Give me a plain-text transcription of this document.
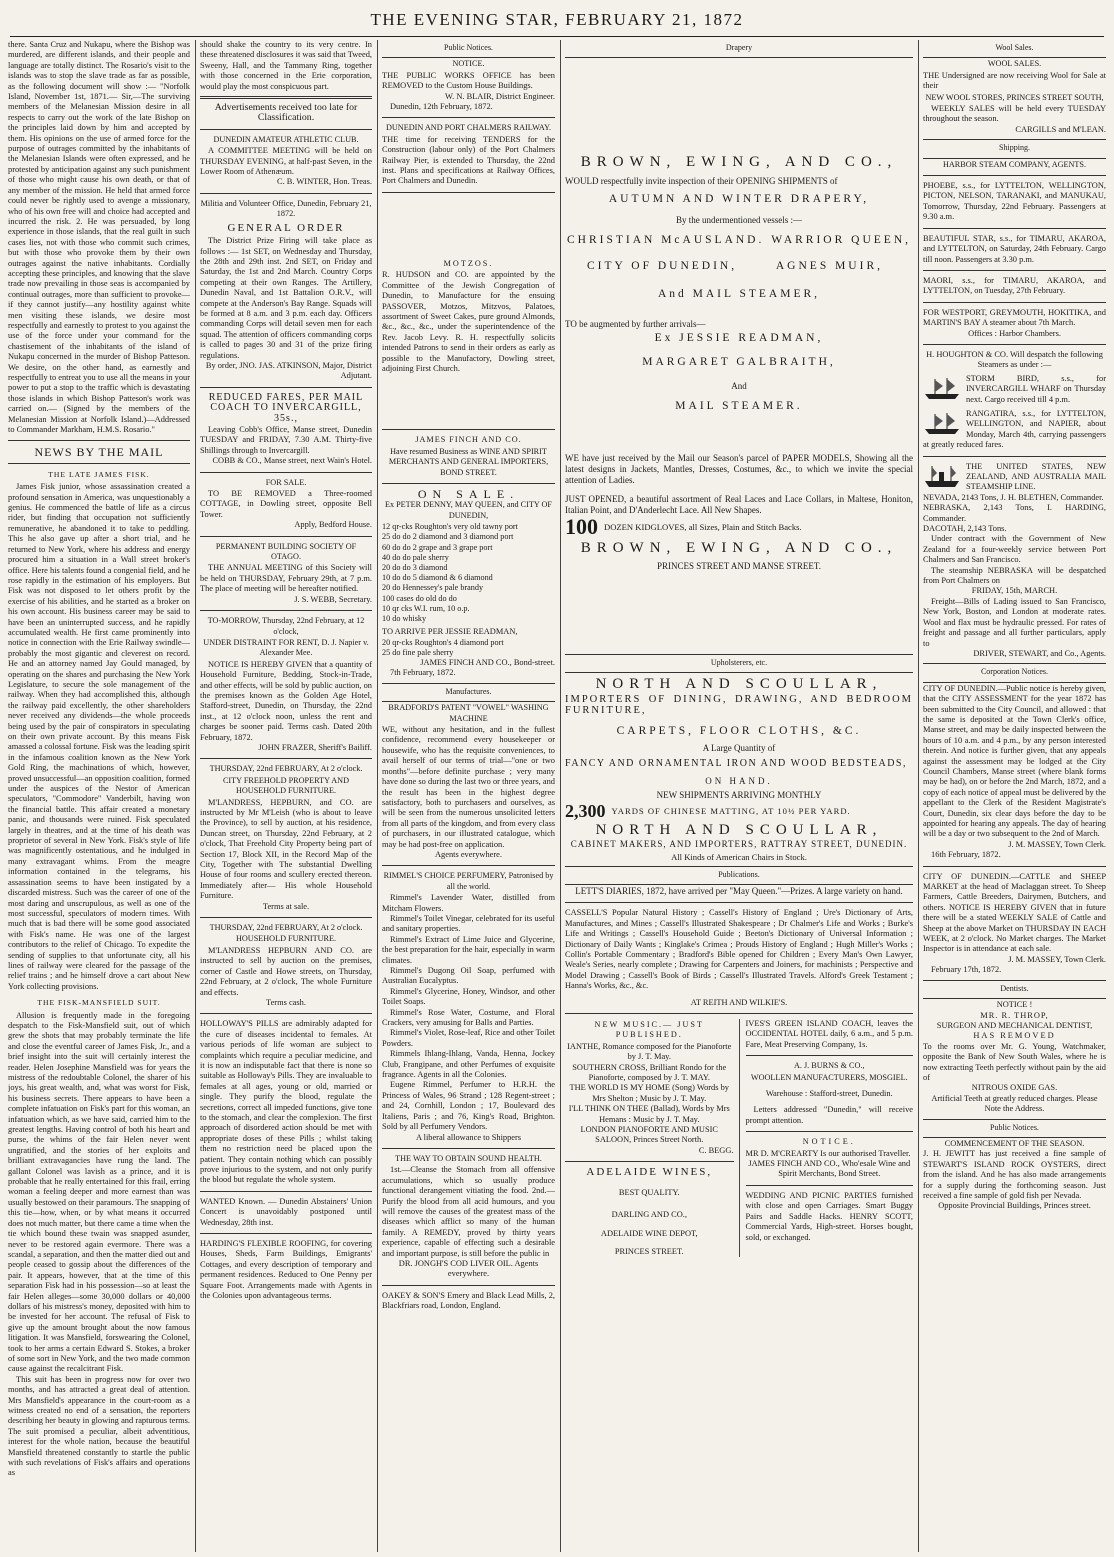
THE EVENING STAR, FEBRUARY 21, 1872

there. Santa Cruz and Nukapu, where the Bishop was murdered, are different islands, and their people and language are totally distinct. The Rosario's visit to the islands was to stop the slave trade as far as possible, as the following document will show :— "Norfolk Island, November 1st, 1871.— Sir,—The surviving members of the Melanesian Mission desire in all respects to carry out the work of the late Bishop on the principles laid down by him and accepted by them. His opinions on the use of armed force for the purpose of outrages committed by the inhabitants of the Melanesian Islands were often expressed, and he protested by anticipation against any such punishment of those who might cause his own death, or that of any member of the mission. He held that armed force could never be rightly used to avenge a missionary, who of his own free will and choice had accepted and incurred the risk. 2. He was persuaded, by long experience in those islands, that the real guilt in such cases lies, not with those who commit such crimes, but with those who provoke them by their own outrages against the native inhabitants. Cordially accepting these principles, and knowing that the slave trade now prevailing in those seas is accompanied by continual outrages, more than sufficient to provoke—if they cannot justify—any hostility against white men visiting these islands, we desire most respectfully and earnestly to protest to you against the use of the force under your command for the chastisement of the inhabitants of the island of Nukapu concerned in the murder of Bishop Patteson. We desire, on the other hand, as earnestly and respectfully to entreat you to use all the means in your power to put a stop to the traffic which is devastating those islands in which Bishop Patteson's work was carried on.— (Signed by the members of the Melanesian Mission at Norfolk Island.)—Addressed to Commander Markham, H.M.S. Rosario."

NEWS BY THE MAIL
THE LATE JAMES FISK.

James Fisk junior, whose assassination created a profound sensation in America, was unquestionably a genius. He commenced the battle of life as a circus rider, but finding that occupation not sufficiently remunerative, he abandoned it to take to peddling. This he also gave up after a short trial, and he returned to New York, where his address and energy procured him a situation in a Wall street broker's office. Here his talents found a congenial field, and he rose rapidly in the estimation of his employers. But Fisk was not disposed to let others profit by the exercise of his abilities, and he started as a broker on his own account. His business career may be said to have been an uninterrupted success, and he rapidly accumulated wealth. He first came prominently into notice in connection with the Erie Railway swindle—probably the most gigantic and cleverest on record. He and an attorney named Jay Gould managed, by operating on the shares and purchasing the New York Legislature, to secure the sole management of the railway. When they had accomplished this, although the railway paid excellently, the other shareholders never received any dividends—the whole proceeds being used by the pair of conspirators in speculating on their own private account. By this means Fisk amassed a colossal fortune. Fisk was the leading spirit in the infamous coalition known as the New York Gold Ring, the machinations of which, however, proved unsuccessful—an opposition coalition, formed under the auspices of the Nestor of American speculators, "Commodore" Vanderbilt, having won the financial battle. This affair created a monetary panic, and thousands were ruined. Fisk speculated largely in theatres, and at the time of his death was proprietor of several in New York. Fisk's style of life was magnificently ostentatious, and he indulged in many extravagant whims. From the meagre information contained in the telegrams, his assassination seems to have been instigated by a discarded mistress. Such was the career of one of the most daring and unscrupulous, as well as one of the most successful, speculators of modern times. With much that is bad there will be some good associated with Fisk's name. He was one of the largest contributors to the relief of Chicago. To expedite the sending of supplies to that unfortunate city, all his lines of railway were cleared for the passage of the relief trains ; and he himself drove a cart about New York collecting provisions.

THE FISK-MANSFIELD SUIT.

Allusion is frequently made in the foregoing despatch to the Fisk-Mansfield suit, out of which grew the shots that may probably terminate the life and close the eventful career of James Fisk, Jr., and a brief insight into the suit will certainly interest the reader. Helen Josephine Mansfield was for years the mistress of the redoubtable Colonel, the sharer of his joys, his great wealth, and, what was worst for Fisk, his business secrets. There appears to have been a complete infatuation on Fisk's part for this woman, an infatuation which, as we have said, carried him to the greatest lengths. Having control of both his heart and purse, the whims of the fair Helen never went ungratified, and the stories of her exploits and brilliant extravagancies have rung the land. The gallant Colonel was lavish as a prince, and it is probable that he really entertained for this frail, erring woman a feeling deeper and more earnest than was usually bestowed on their paramours. The snapping of this tie—how, when, or by what means it occurred does not much matter, but there came a time when the tie which bound these twain was snapped asunder, never to be restored again evermore. There was a scandal, a separation, and then the matter died out and people ceased to gossip about the differences of the pair. It appears, however, that at the time of this separation Fisk had in his possession—so at least the fair Helen alleges—some 30,000 dollars or 40,000 dollars of his mistress's money, deposited with him to be invested for her account. The refusal of Fisk to give up the amount brought about the now famous litigation. It was Mansfield, forswearing the Colonel, took to her arms a certain Edward S. Stokes, a broker of some sort in New York, and the two made common cause against the recalcitrant Fisk.

This suit has been in progress now for over two months, and has attracted a great deal of attention. Mrs Mansfield's appearance in the court-room as a witness created no end of a sensation, the reporters describing her beauty in glowing and rapturous terms. The suit promised a peculiar, albeit adventitious, interest for the whole nation, because the beautiful Mansfield threatened constantly to startle the public with such revelations of Fisk's affairs and operations as

should shake the country to its very centre. In these threatened disclosures it was said that Tweed, Sweeny, Hall, and the Tammany Ring, together with those concerned in the Erie corporation, would play the most conspicuous part.

Advertisements received too late for Classification.
DUNEDIN AMATEUR ATHLETIC CLUB.

A COMMITTEE MEETING will be held on THURSDAY EVENING, at half-past Seven, in the Lower Room of Athenæum.

C. B. WINTER, Hon. Treas.
Militia and Volunteer Office, Dunedin, February 21, 1872.
GENERAL ORDER

The District Prize Firing will take place as follows :— 1st SET, on Wednesday and Thursday, the 28th and 29th inst. 2nd SET, on Friday and Saturday, the 1st and 2nd March. Country Corps competing at their own Ranges. The Artillery, Dunedin Naval, and 1st Battalion O.R.V., will compete at the Anderson's Bay Range. Squads will be formed at 8 a.m. and 3 p.m. each day. Officers commanding Corps will detail seven men for each squad. The attention of officers commanding corps is called to pages 30 and 31 of the prize firing regulations.

By order, JNO. JAS. ATKINSON, Major, District Adjutant.
REDUCED FARES, PER MAIL COACH TO INVERCARGILL, 35s.,

Leaving Cobb's Office, Manse street, Dunedin TUESDAY and FRIDAY, 7.30 A.M. Thirty-five Shillings through to Invercargill.

COBB & CO., Manse street, next Wain's Hotel.
FOR SALE.

TO BE REMOVED a Three-roomed COTTAGE, in Dowling street, opposite Bell Tower.

Apply, Bedford House.
PERMANENT BUILDING SOCIETY OF OTAGO.

THE ANNUAL MEETING of this Society will be held on THURSDAY, February 29th, at 7 p.m. The place of meeting will be hereafter notified.

J. S. WEBB, Secretary.
TO-MORROW, Thursday, 22nd February, at 12 o'clock,
UNDER DISTRAINT FOR RENT, D. J. Napier v. Alexander Mee.

NOTICE IS HEREBY GIVEN that a quantity of Household Furniture, Bedding, Stock-in-Trade, and other effects, will be sold by public auction, on the premises known as the Golden Age Hotel, Stafford-street, Dunedin, on Thursday, the 22nd inst., at 12 o'clock noon, unless the rent and charges be sooner paid. Terms cash. Dated 20th February, 1872.

JOHN FRAZER, Sheriff's Bailiff.
THURSDAY, 22nd FEBRUARY, At 2 o'clock.
CITY FREEHOLD PROPERTY AND HOUSEHOLD FURNITURE.

M'LANDRESS, HEPBURN, and CO. are instructed by Mr M'Leish (who is about to leave the Province), to sell by auction, at his residence, Duncan street, on Thursday, 22nd February, at 2 o'clock, That Freehold City Property being part of Section 17, Block XII, in the Record Map of the City, Together with The substantial Dwelling House of four rooms and scullery erected thereon. Immediately after— His whole Household Furniture.

Terms at sale.
THURSDAY, 22nd FEBRUARY, At 2 o'clock.
HOUSEHOLD FURNITURE.

M'LANDRESS HEPBURN AND CO. are instructed to sell by auction on the premises, corner of Castle and Howe streets, on Thursday, 22nd February, at 2 o'clock, The whole Furniture and effects.

Terms cash.

HOLLOWAY'S PILLS are admirably adapted for the cure of diseases incidental to females. At various periods of life woman are subject to complaints which require a peculiar medicine, and it is now an indisputable fact that there is none so suitable as Holloway's Pills. They are invaluable to females at all ages, young or old, married or single. They purify the blood, regulate the secretions, correct all impeded functions, give tone to the stomach, and clear the complexion. The first approach of disordered action should be met with appropriate doses of these Pills ; whilst taking them no restriction need be placed upon the patient. They contain nothing which can possibly prove injurious to the system, and not only purify the blood but regulate the whole system.

WANTED Known. — Dunedin Abstainers' Union Concert is unavoidably postponed until Wednesday, 28th inst.

HARDING'S FLEXIBLE ROOFING, for covering Houses, Sheds, Farm Buildings, Emigrants' Cottages, and every description of temporary and permanent residences. Reduced to One Penny per Square Foot. Arrangements made with Agents in the Colonies upon advantageous terms.

Public Notices.
NOTICE.

THE PUBLIC WORKS OFFICE has been REMOVED to the Custom House Buildings.

W. N. BLAIR, District Engineer.

Dunedin, 12th February, 1872.

DUNEDIN AND PORT CHALMERS RAILWAY.

THE time for receiving TENDERS for the Construction (labour only) of the Port Chalmers Railway Pier, is extended to Thursday, the 22nd inst. Plans and specifications at Railway Offices, Port Chalmers and Dunedin.

MOTZOS.

R. HUDSON and CO. are appointed by the Committee of the Jewish Congregation of Dunedin, to Manufacture for the ensuing PASSOVER, Motzos, Mitzvos, Palatoes, assortment of Sweet Cakes, pure ground Almonds, &c., &c., &c., under the superintendence of the Rev. Jacob Levy. R. H. respectfully solicits intended Patrons to send in their orders as early as possible to the Manufactory, Dowling street, adjoining First Church.

JAMES FINCH AND CO.
Have resumed Business as WINE AND SPIRIT MERCHANTS AND GENERAL IMPORTERS, BOND STREET.
ON SALE.
Ex PETER DENNY, MAY QUEEN, and CITY OF DUNEDIN,
12 qr-cks Roughton's very old tawny port
25 do do 2 diamond and 3 diamond port
60 do do 2 grape and 3 grape port
40 do do pale sherry
20 do do 3 diamond
10 do do 5 diamond & 6 diamond
20 do Hennessey's pale brandy
100 cases do old do do
10 qr cks W.I. rum, 10 o.p.
10 do whisky
TO ARRIVE PER JESSIE READMAN,
20 qr-cks Roughton's 4 diamond port
25 do fine pale sherry
JAMES FINCH AND CO., Bond-street.

7th February, 1872.

Manufactures.
BRADFORD'S PATENT "VOWEL" WASHING MACHINE

WE, without any hesitation, and in the fullest confidence, recommend every housekeeper or housewife, who has the requisite conveniences, to avail herself of our terms of trial—"one or two months"—before definite purchase ; very many have done so during the last two or three years, and the result has been in the highest degree satisfactory, both to purchasers and ourselves, as will be seen from the numerous unsolicited letters from all parts of the kingdom, and from every class of purchasers, in our illustrated catalogue, which may be had post-free on application.

Agents everywhere.
RIMMEL'S CHOICE PERFUMERY, Patronised by all the world.

Rimmel's Lavender Water, distilled from Mitcham Flowers.

Rimmel's Toilet Vinegar, celebrated for its useful and sanitary properties.

Rimmel's Extract of Lime Juice and Glycerine, the best preparation for the hair, especially in warm climates.

Rimmel's Dugong Oil Soap, perfumed with Australian Eucalyptus.

Rimmel's Glycerine, Honey, Windsor, and other Toilet Soaps.

Rimmel's Rose Water, Costume, and Floral Crackers, very amusing for Balls and Parties.

Rimmel's Violet, Rose-leaf, Rice and other Toilet Powders.

Rimmels Ihlang-Ihlang, Vanda, Henna, Jockey Club, Frangipane, and other Perfumes of exquisite fragrance. Agents in all the Colonies.

Eugene Rimmel, Perfumer to H.R.H. the Princess of Wales, 96 Strand ; 128 Regent-street ; and 24, Cornhill, London ; 17, Boulevard des Italiens, Paris ; and 76, King's Road, Brighton. Sold by all Perfumery Vendors.

A liberal allowance to Shippers
THE WAY TO OBTAIN SOUND HEALTH.

1st.—Cleanse the Stomach from all offensive accumulations, which so usually produce functional derangement vitiating the food. 2nd.—Purify the blood from all acid humours, and you will remove the causes of the greatest mass of the diseases which afflict so many of the human family. A REMEDY, proved by thirty years experience, capable of effecting such a desirable and important purpose, is still before the public in

DR. JONGH'S COD LIVER OIL. Agents everywhere.

OAKEY & SON'S Emery and Black Lead Mills, 2, Blackfriars road, London, England.

Drapery
BROWN, EWING, AND CO.,

WOULD respectfully invite inspection of their OPENING SHIPMENTS of

AUTUMN AND WINTER DRAPERY,
By the undermentioned vessels :—
CHRISTIAN McAUSLAND. WARRIOR QUEEN,
CITY OF DUNEDIN,	AGNES MUIR,
And MAIL STEAMER,

TO be augmented by further arrivals—

Ex JESSIE READMAN,
MARGARET GALBRAITH,
And
MAIL STEAMER.

WE have just received by the Mail our Season's parcel of PAPER MODELS, Showing all the latest designs in Jackets, Mantles, Dresses, Costumes, &c., to which we invite the special attention of Ladies.

JUST OPENED, a beautiful assortment of Real Laces and Lace Collars, in Maltese, Honiton, Italian Point, and D'Anderlecht Lace. All New Shapes.

100 DOZEN KIDGLOVES, all Sizes, Plain and Stitch Backs.
BROWN, EWING, AND CO.,
PRINCES STREET AND MANSE STREET.
Upholsterers, etc.
NORTH AND SCOULLAR,
IMPORTERS OF DINING, DRAWING, AND BEDROOM FURNITURE,
CARPETS, FLOOR CLOTHS, &C.
A Large Quantity of
FANCY AND ORNAMENTAL IRON AND WOOD BEDSTEADS,
ON HAND.
NEW SHIPMENTS ARRIVING MONTHLY
2,300 YARDS OF CHINESE MATTING, AT 10½ PER YARD.
NORTH AND SCOULLAR,
CABINET MAKERS, AND IMPORTERS, RATTRAY STREET, DUNEDIN.
All Kinds of American Chairs in Stock.
Publications.

LETT'S DIARIES, 1872, have arrived per "May Queen."—Prizes. A large variety on hand.

CASSELL'S Popular Natural History ; Cassell's History of England ; Ure's Dictionary of Arts, Manufactures, and Mines ; Cassell's Illustrated Shakespeare ; Dr Chalmer's Life and Works ; Burke's Life and Writings ; Cassell's Household Guide ; Beeton's Dictionary of Universal Information ; Dictionary of Daily Wants ; Kinglake's Crimea ; Prouds History of England ; Hugh Miller's Works ; Collin's Portable Commentary ; Bradford's Bible opened for Children ; Every Man's Own Lawyer, Weale's Series, nearly complete ; Drawing for Carpenters and Joiners, for machinists ; Perspective and Model Drawing ; Cassell's Book of Birds ; Cassell's Illustrated Travels. Alford's Greek Testament ; Hanna's Works, &c., &c.

AT REITH AND WILKIE'S.
NEW MUSIC.— JUST PUBLISHED.
IANTHE, Romance composed for the Pianoforte by J. T. May.
SOUTHERN CROSS, Brilliant Rondo for the Pianoforte, composed by J. T. MAY.
THE WORLD IS MY HOME (Song) Words by Mrs Shelton ; Music by J. T. May.
I'LL THINK ON THEE (Ballad), Words by Mrs Hemans : Music by J. T. May.
LONDON PIANOFORTE AND MUSIC SALOON, Princes Street North.
C. BEGG.
ADELAIDE WINES,
BEST QUALITY.
DARLING AND CO.,
ADELAIDE WINE DEPOT,
PRINCES STREET.

IVES'S GREEN ISLAND COACH, leaves the OCCIDENTAL HOTEL daily, 6 a.m., and 5 p.m. Fare, Meat Preserving Company, 1s.

A. J. BURNS & CO.,
WOOLLEN MANUFACTURERS, MOSGIEL.
Warehouse : Stafford-street, Dunedin.

Letters addressed "Dunedin," will receive prompt attention.

NOTICE.

MR D. M'CREARTY Is our authorised Traveller.

JAMES FINCH AND CO., Who'esale Wine and Spirit Merchants, Bond Street.

WEDDING AND PICNIC PARTIES furnished with close and open Carriages. Smart Buggy Pairs and Saddle Hacks. HENRY SCOTT, Commercial Yards, High-street. Horses bought, sold, or exchanged.

Wool Sales.
WOOL SALES.

THE Undersigned are now receiving Wool for Sale at their

NEW WOOL STORES, PRINCES STREET SOUTH,

WEEKLY SALES will be held every TUESDAY throughout the season.

CARGILLS and M'LEAN.
Shipping.
HARBOR STEAM COMPANY, AGENTS.

PHOEBE, s.s., for LYTTELTON, WELLINGTON, PICTON, NELSON, TARANAKI, and MANUKAU, Tomorrow, Thursday, 22nd February. Passengers at 9.30 a.m.

BEAUTIFUL STAR, s.s., for TIMARU, AKAROA, and LYTTELTON, on Saturday, 24th February. Cargo till noon. Passengers at 3.30 p.m.

MAORI, s.s., for TIMARU, AKAROA, and LYTTELTON, on Tuesday, 27th February.

FOR WESTPORT, GREYMOUTH, HOKITIKA, and MARTIN'S BAY A steamer about 7th March.

Offices : Harbor Chambers.

H. HOUGHTON & CO. Will despatch the following Steamers as under :—

STORM BIRD, s.s., for INVERCARGILL WHARF on Thursday next. Cargo received till 4 p.m.

RANGATIRA, s.s., for LYTTELTON, WELLINGTON, and NAPIER, about Monday, March 4th, carrying passengers at greatly reduced fares.

THE UNITED STATES, NEW ZEALAND, AND AUSTRALIA MAIL STEAMSHIP LINE.

NEVADA, 2143 Tons, J. H. BLETHEN, Commander.

NEBRASKA, 2,143 Tons, I. HARDING, Commander.

DACOTAH, 2,143 Tons.

Under contract with the Government of New Zealand for a four-weekly service between Port Chalmers and San Francisco.

The steamship NEBRASKA will be despatched from Port Chalmers on

FRIDAY, 15th, MARCH.

Freight—Bills of Lading issued to San Francisco, New York, Boston, and London at moderate rates. Wool and flax must be hydraulic pressed. For rates of freight and passage and all further particulars, apply to

DRIVER, STEWART, and Co., Agents.
Corporation Notices.

CITY OF DUNEDIN.—Public notice is hereby given, that the CITY ASSESSMENT for the year 1872 has been submitted to the City Council, and allowed : that the same is deposited at the Town Clerk's office, Manse street, and may be daily inspected between the hours of 10 a.m. and 4 p.m., by any person interested therein. And notice is further given, that any appeals against the assessment may be lodged at the City Council Chambers, Manse street (where blank forms may be had), on or before the 2nd March, 1872, and a copy of each notice of appeal must be delivered by the appellant to the Clerk of the Resident Magistrate's Court, Dunedin, six clear days before the day to be appointed for hearing any appeals. The day of hearing will be a day or two subsequent to the 2nd of March.

J. M. MASSEY, Town Clerk.

16th February, 1872.

CITY OF DUNEDIN.—CATTLE and SHEEP MARKET at the head of Maclaggan street. To Sheep Farmers, Cattle Breeders, Dairymen, Butchers, and others. NOTICE IS HEREBY GIVEN that in future there will be a stated WEEKLY SALE of Cattle and Sheep at the above Market on THURSDAY IN EACH WEEK, at 2 o'clock. No Market charges. The Market Inspector is in attendance at each sale.

J. M. MASSEY, Town Clerk.

February 17th, 1872.

Dentists.
NOTICE !
MR. R. THROP,
SURGEON AND MECHANICAL DENTIST,
HAS REMOVED

To the rooms over Mr. G. Young, Watchmaker, opposite the Bank of New South Wales, where he is now extracting Teeth perfectly without pain by the aid of

NITROUS OXIDE GAS.

Artificial Teeth at greatly reduced charges. Please Note the Address.

Public Notices.
COMMENCEMENT OF THE SEASON.

J. H. JEWITT has just received a fine sample of STEWART'S ISLAND ROCK OYSTERS, direct from the island. And he has also made arrangements for a supply during the forthcoming season. Just received a fine sample of gold fish per Nevada.

Opposite Provincial Buildings, Princes street.
